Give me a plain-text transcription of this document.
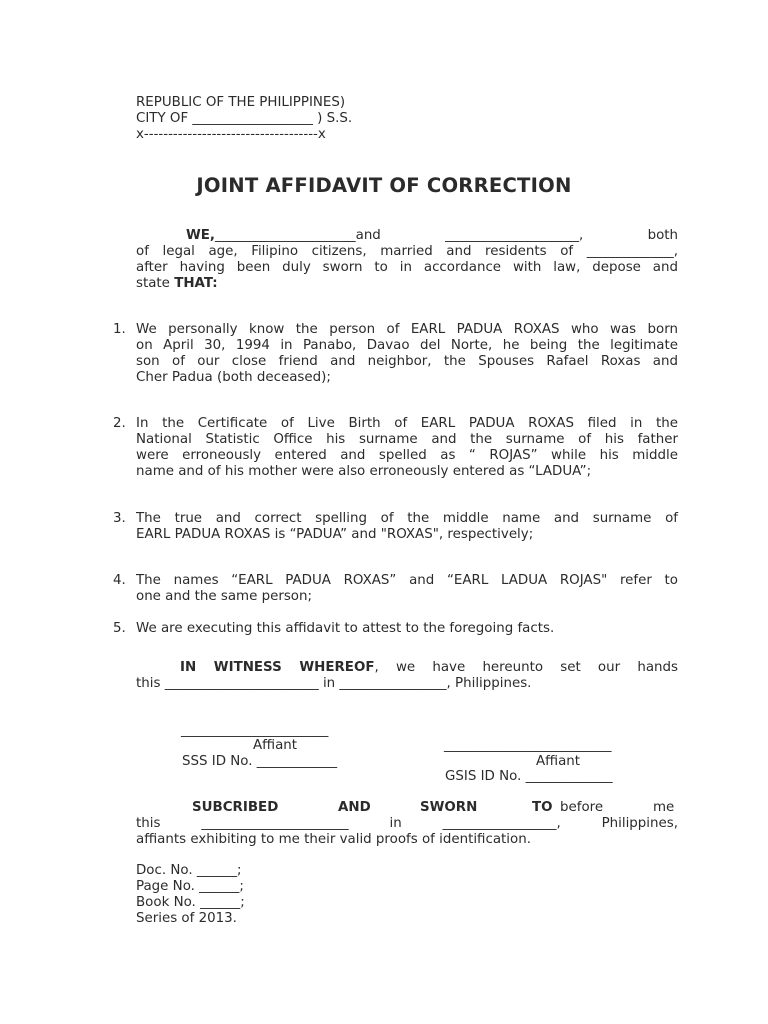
REPUBLIC OF THE PHILIPPINES)
CITY OF __________________ ) S.S.
x------------------------------------x
JOINT AFFIDAVIT OF CORRECTION
WE,_____________________and ____________________, both
of legal age, Filipino citizens, married and residents of _____________,
after having been duly sworn to in accordance with law, depose and
state THAT:
1. We personally know the person of EARL PADUA ROXAS who was born
on April 30, 1994 in Panabo, Davao del Norte, he being the legitimate
son of our close friend and neighbor, the Spouses Rafael Roxas and
Cher Padua (both deceased);
2. In the Certificate of Live Birth of EARL PADUA ROXAS filed in the
National Statistic Office his surname and the surname of his father
were erroneously entered and spelled as “ ROJAS” while his middle
name and of his mother were also erroneously entered as “LADUA”;
3. The true and correct spelling of the middle name and surname of
EARL PADUA ROXAS is “PADUA” and "ROXAS", respectively;
4. The names “EARL PADUA ROXAS” and “EARL LADUA ROJAS" refer to
one and the same person;
5. We are executing this affidavit to attest to the foregoing facts.
IN WITNESS WHEREOF, we have hereunto set our hands
this _______________________ in ________________, Philippines.
______________________
Affiant
SSS ID No. ____________
_________________________
Affiant
GSIS ID No. _____________
SUBCRIBED	AND	SWORN	TO before	me
this ______________________ in _________________, Philippines,
affiants exhibiting to me their valid proofs of identification.
Doc. No. ______;
Page No. ______;
Book No. ______;
Series of 2013.
